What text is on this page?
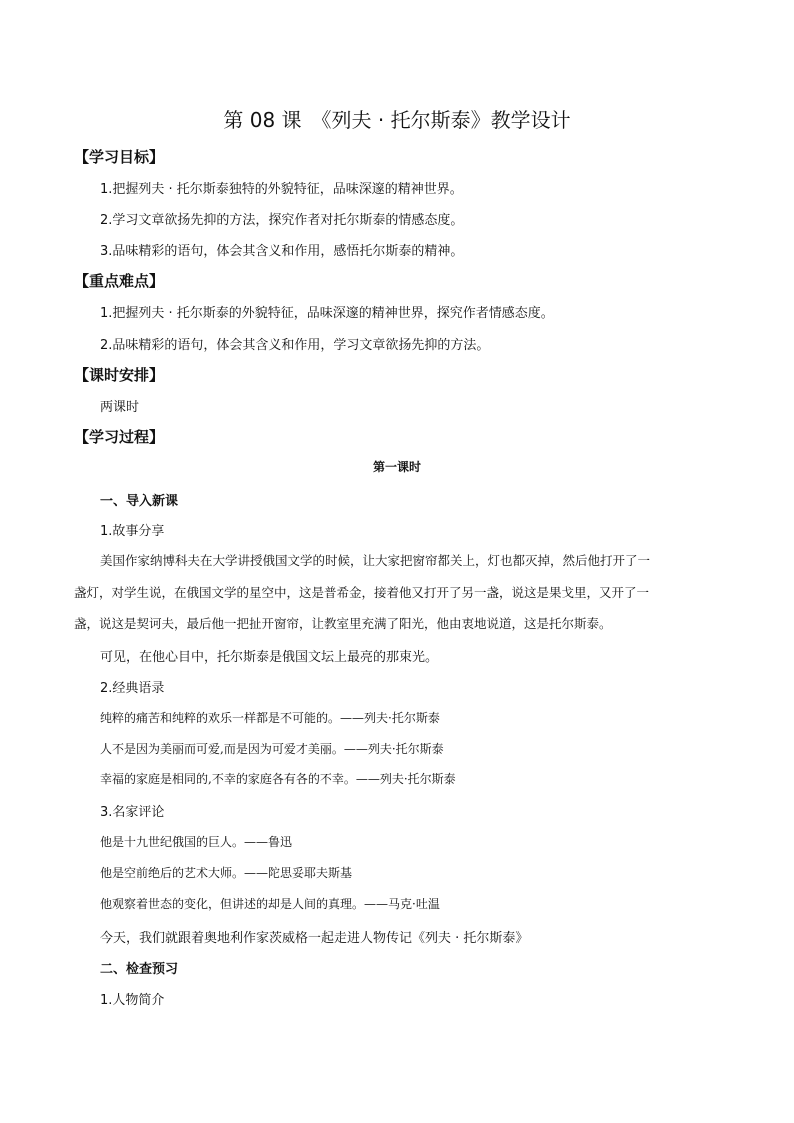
第 08 课　《列夫 · 托尔斯泰》教学设计
【学习目标】
1.把握列夫 · 托尔斯泰独特的外貌特征，品味深邃的精神世界。
2.学习文章欲扬先抑的方法，探究作者对托尔斯泰的情感态度。
3.品味精彩的语句，体会其含义和作用，感悟托尔斯泰的精神。
【重点难点】
1.把握列夫 · 托尔斯泰的外貌特征，品味深邃的精神世界，探究作者情感态度。
2.品味精彩的语句，体会其含义和作用，学习文章欲扬先抑的方法。
【课时安排】
两课时
【学习过程】
第一课时
一、导入新课
1.故事分享
美国作家纳博科夫在大学讲授俄国文学的时候，让大家把窗帘都关上，灯也都灭掉，然后他打开了一
盏灯，对学生说，在俄国文学的星空中，这是普希金，接着他又打开了另一盏，说这是果戈里，又开了一
盏，说这是契诃夫，最后他一把扯开窗帘，让教室里充满了阳光，他由衷地说道，这是托尔斯泰。
可见，在他心目中，托尔斯泰是俄国文坛上最亮的那束光。
2.经典语录
纯粹的痛苦和纯粹的欢乐一样都是不可能的。——列夫·托尔斯泰
人不是因为美丽而可爱,而是因为可爱才美丽。——列夫·托尔斯泰
幸福的家庭是相同的,不幸的家庭各有各的不幸。——列夫·托尔斯泰
3.名家评论
他是十九世纪俄国的巨人。——鲁迅
他是空前绝后的艺术大师。——陀思妥耶夫斯基
他观察着世态的变化，但讲述的却是人间的真理。——马克·吐温
今天，我们就跟着奥地利作家茨威格一起走进人物传记《列夫 · 托尔斯泰》
二、检查预习
1.人物简介
